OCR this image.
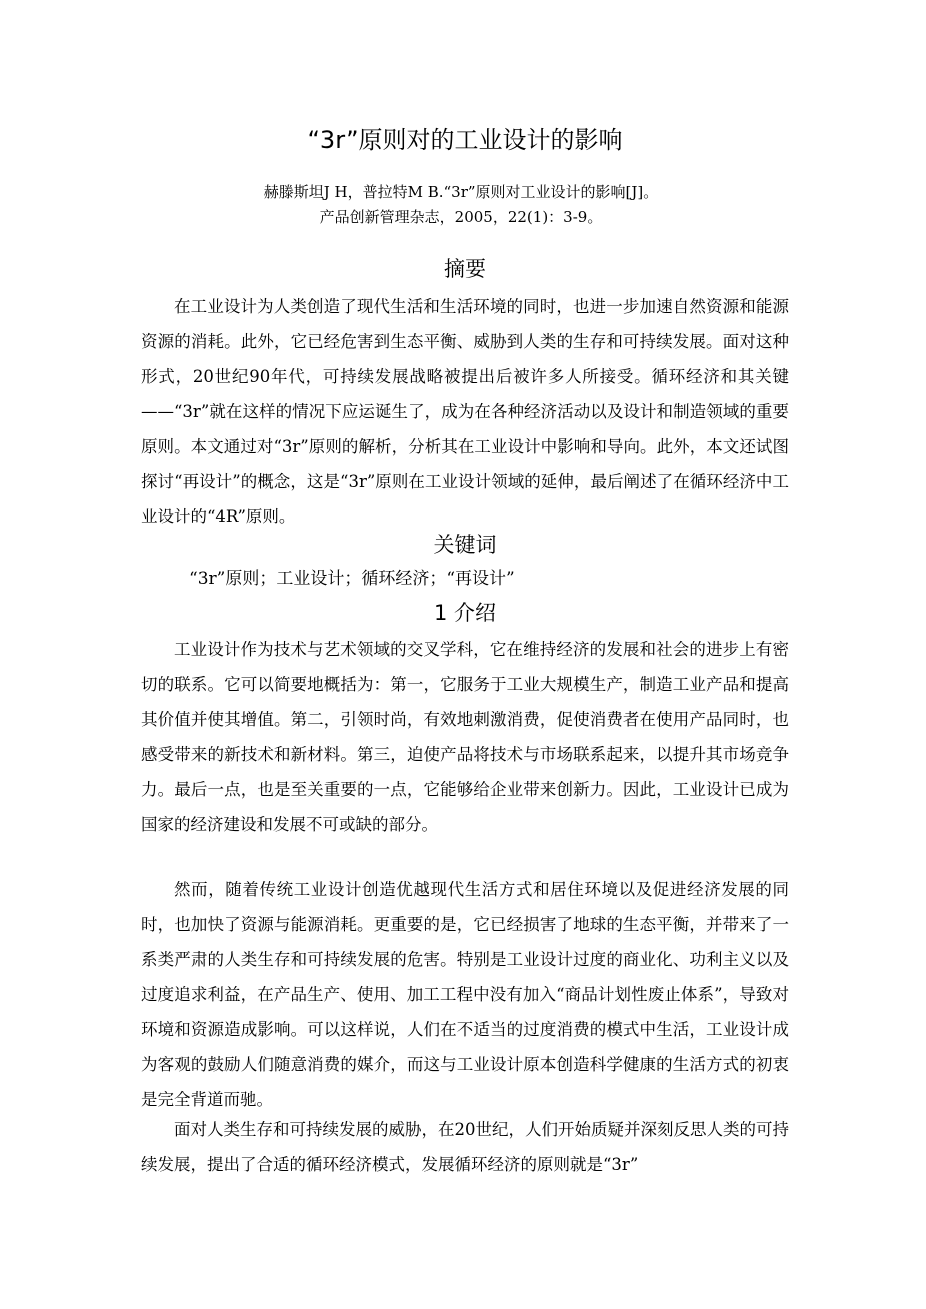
“3r”原则对的工业设计的影响

赫滕斯坦J H，普拉特M B.“3r”原则对工业设计的影响[J]。产品创新管理杂志，2005，22(1)：3-9。

摘要

在工业设计为人类创造了现代生活和生活环境的同时，也进一步加速自然资源和能源资源的消耗。此外，它已经危害到生态平衡、威胁到人类的生存和可持续发展。面对这种形式，20世纪90年代，可持续发展战略被提出后被许多人所接受。循环经济和其关键——“3r”就在这样的情况下应运诞生了，成为在各种经济活动以及设计和制造领域的重要原则。本文通过对“3r”原则的解析，分析其在工业设计中影响和导向。此外，本文还试图探讨“再设计”的概念，这是“3r”原则在工业设计领域的延伸，最后阐述了在循环经济中工业设计的“4R”原则。

关键词

“3r”原则；工业设计；循环经济；“再设计”

1 介绍

工业设计作为技术与艺术领域的交叉学科，它在维持经济的发展和社会的进步上有密切的联系。它可以简要地概括为：第一，它服务于工业大规模生产，制造工业产品和提高其价值并使其增值。第二，引领时尚，有效地刺激消费，促使消费者在使用产品同时，也感受带来的新技术和新材料。第三，迫使产品将技术与市场联系起来，以提升其市场竞争力。最后一点，也是至关重要的一点，它能够给企业带来创新力。因此，工业设计已成为国家的经济建设和发展不可或缺的部分。

然而，随着传统工业设计创造优越现代生活方式和居住环境以及促进经济发展的同时，也加快了资源与能源消耗。更重要的是，它已经损害了地球的生态平衡，并带来了一系类严肃的人类生存和可持续发展的危害。特别是工业设计过度的商业化、功利主义以及过度追求利益，在产品生产、使用、加工工程中没有加入“商品计划性废止体系”，导致对环境和资源造成影响。可以这样说，人们在不适当的过度消费的模式中生活，工业设计成为客观的鼓励人们随意消费的媒介，而这与工业设计原本创造科学健康的生活方式的初衷是完全背道而驰。

面对人类生存和可持续发展的威胁，在20世纪，人们开始质疑并深刻反思人类的可持续发展，提出了合适的循环经济模式，发展循环经济的原则就是“3r”
